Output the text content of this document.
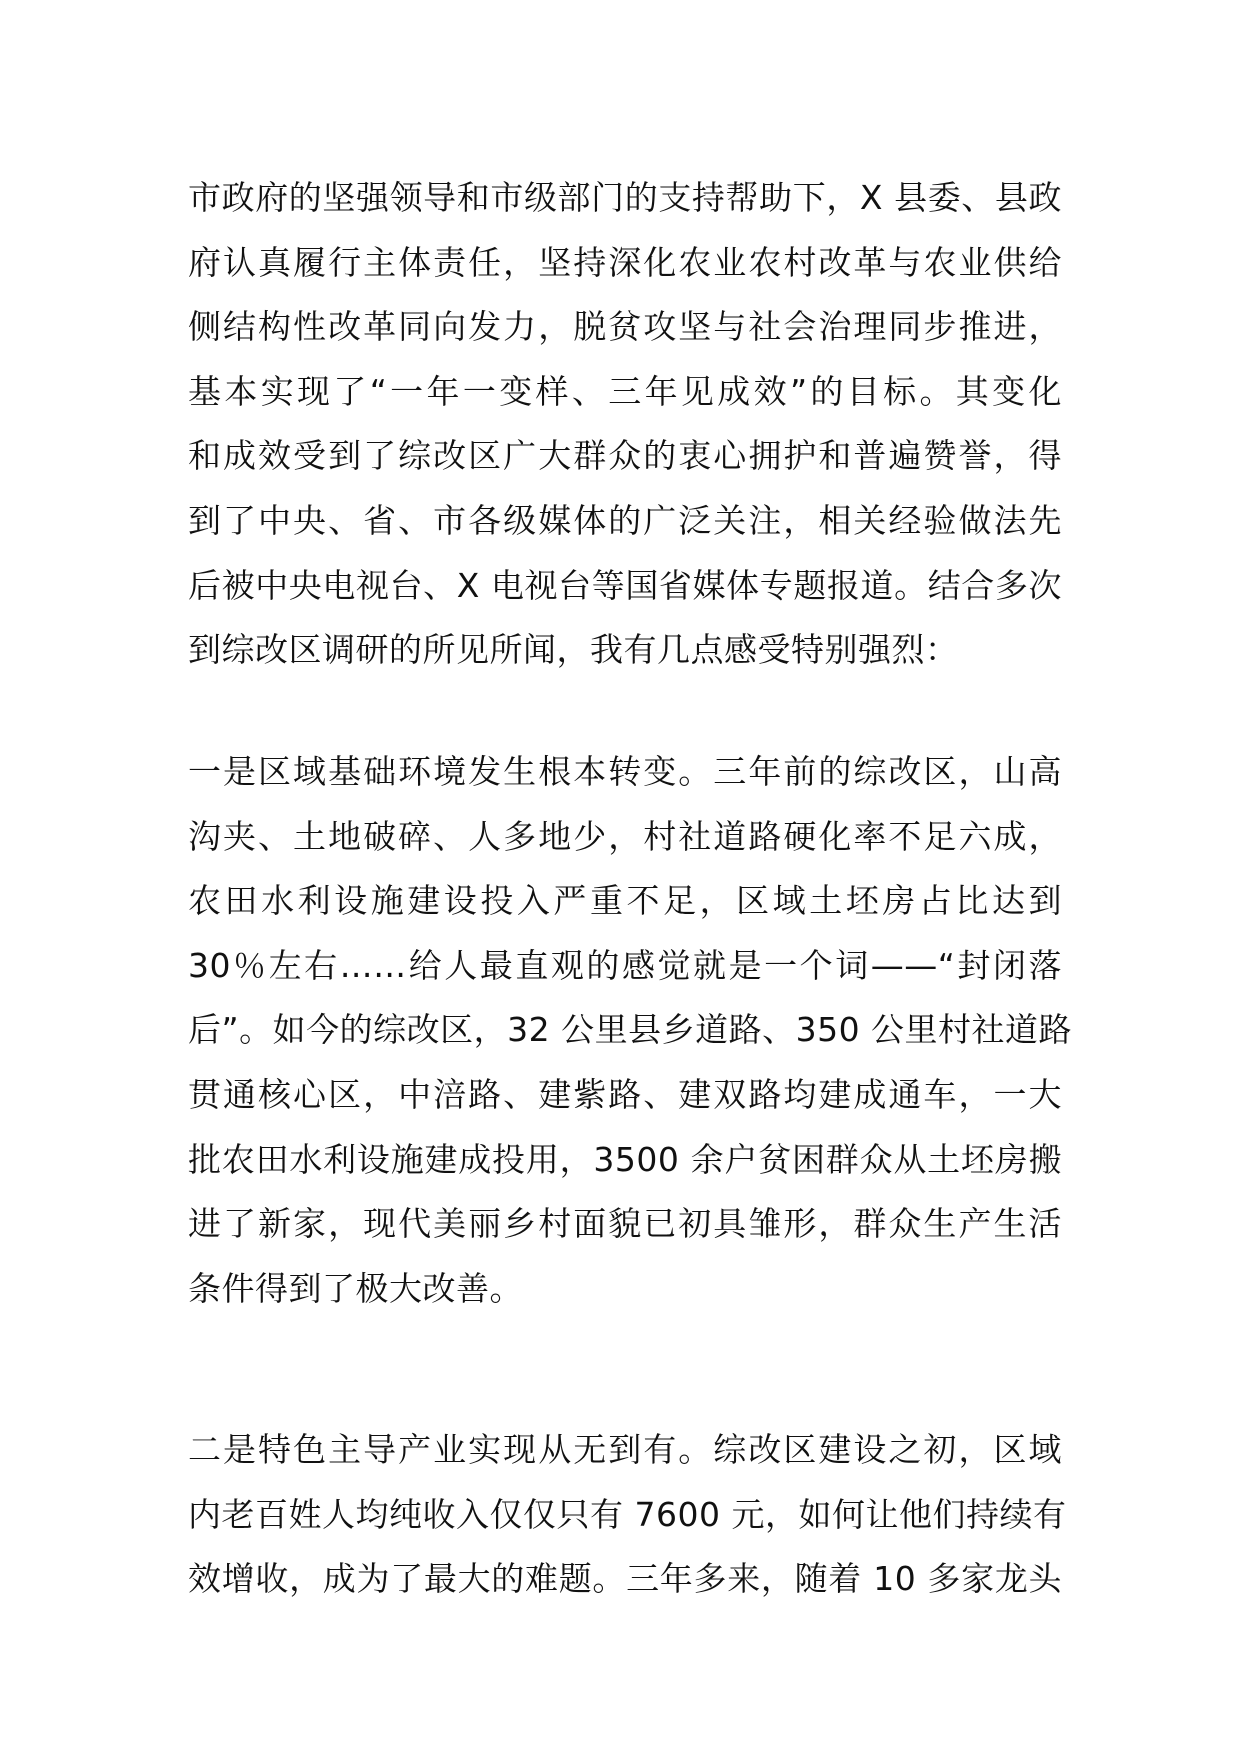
市政府的坚强领导和市级部门的支持帮助下，X 县委、县政
府认真履行主体责任，坚持深化农业农村改革与农业供给
侧结构性改革同向发力，脱贫攻坚与社会治理同步推进，
基本实现了“一年一变样、三年见成效”的目标。其变化
和成效受到了综改区广大群众的衷心拥护和普遍赞誉，得
到了中央、省、市各级媒体的广泛关注，相关经验做法先
后被中央电视台、X 电视台等国省媒体专题报道。结合多次
到综改区调研的所见所闻，我有几点感受特别强烈：
一是区域基础环境发生根本转变。三年前的综改区，山高
沟夹、土地破碎、人多地少，村社道路硬化率不足六成，
农田水利设施建设投入严重不足，区域土坯房占比达到
30％左右……给人最直观的感觉就是一个词——“封闭落
后”。如今的综改区，32 公里县乡道路、350 公里村社道路
贯通核心区，中涪路、建紫路、建双路均建成通车，一大
批农田水利设施建成投用，3500 余户贫困群众从土坯房搬
进了新家，现代美丽乡村面貌已初具雏形，群众生产生活
条件得到了极大改善。
二是特色主导产业实现从无到有。综改区建设之初，区域
内老百姓人均纯收入仅仅只有 7600 元，如何让他们持续有
效增收，成为了最大的难题。三年多来，随着 10 多家龙头
